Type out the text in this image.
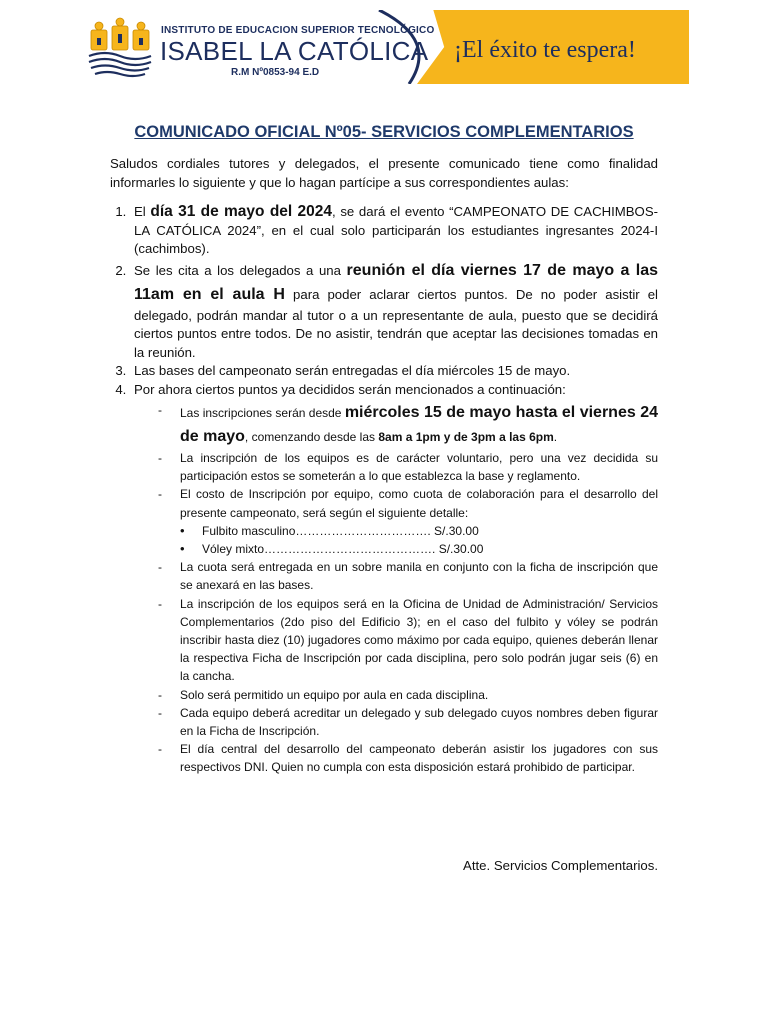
INSTITUTO DE EDUCACION SUPERIOR TECNOLÓGICO
ISABEL LA CATÓLICA
R.M Nº0853-94 E.D
¡El éxito te espera!
COMUNICADO OFICIAL Nº05- SERVICIOS COMPLEMENTARIOS

Saludos cordiales tutores y delegados, el presente comunicado tiene como finalidad informarles lo siguiente y que lo hagan partícipe a sus correspondientes aulas:

1. El día 31 de mayo del 2024, se dará el evento “CAMPEONATO DE CACHIMBOS- LA CATÓLICA 2024”, en el cual solo participarán los estudiantes ingresantes 2024-I (cachimbos).
2. Se les cita a los delegados a una reunión el día viernes 17 de mayo a las 11am en el aula H para poder aclarar ciertos puntos. De no poder asistir el delegado, podrán mandar al tutor o a un representante de aula, puesto que se decidirá ciertos puntos entre todos. De no asistir, tendrán que aceptar las decisiones tomadas en la reunión.
3. Las bases del campeonato serán entregadas el día miércoles 15 de mayo.
4. Por ahora ciertos puntos ya decididos serán mencionados a continuación:
- Las inscripciones serán desde miércoles 15 de mayo hasta el viernes 24 de mayo, comenzando desde las 8am a 1pm y de 3pm a las 6pm.
- La inscripción de los equipos es de carácter voluntario, pero una vez decidida su participación estos se someterán a lo que establezca la base y reglamento.
- El costo de Inscripción por equipo, como cuota de colaboración para el desarrollo del presente campeonato, será según el siguiente detalle:
• Fulbito masculino……………………………. S/.30.00
• Vóley mixto……………………………………. S/.30.00
- La cuota será entregada en un sobre manila en conjunto con la ficha de inscripción que se anexará en las bases.
- La inscripción de los equipos será en la Oficina de Unidad de Administración/ Servicios Complementarios (2do piso del Edificio 3); en el caso del fulbito y vóley se podrán inscribir hasta diez (10) jugadores como máximo por cada equipo, quienes deberán llenar la respectiva Ficha de Inscripción por cada disciplina, pero solo podrán jugar seis (6) en la cancha.
- Solo será permitido un equipo por aula en cada disciplina.
- Cada equipo deberá acreditar un delegado y sub delegado cuyos nombres deben figurar en la Ficha de Inscripción.
- El día central del desarrollo del campeonato deberán asistir los jugadores con sus respectivos DNI. Quien no cumpla con esta disposición estará prohibido de participar.
Atte. Servicios Complementarios.
